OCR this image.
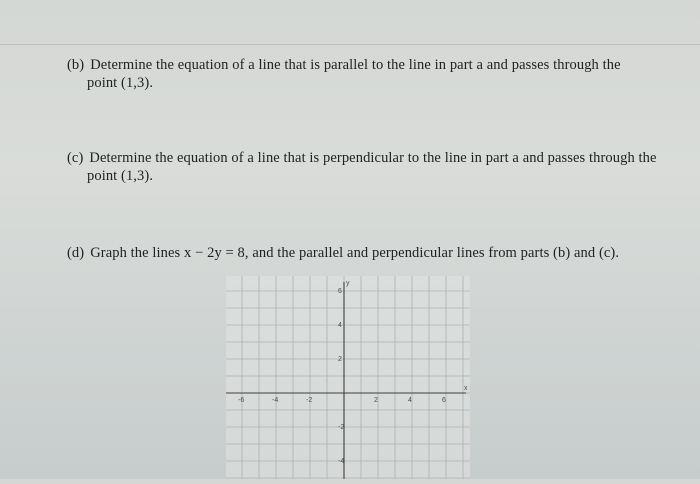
(b) Determine the equation of a line that is parallel to the line in part a and passes through the
point (1,3).
(c) Determine the equation of a line that is perpendicular to the line in part a and passes through the
point (1,3).
(d) Graph the lines x − 2y = 8, and the parallel and perpendicular lines from parts (b) and (c).
x
y
-6	-4	-2	2	4	6
6
4
2
-2
-4
